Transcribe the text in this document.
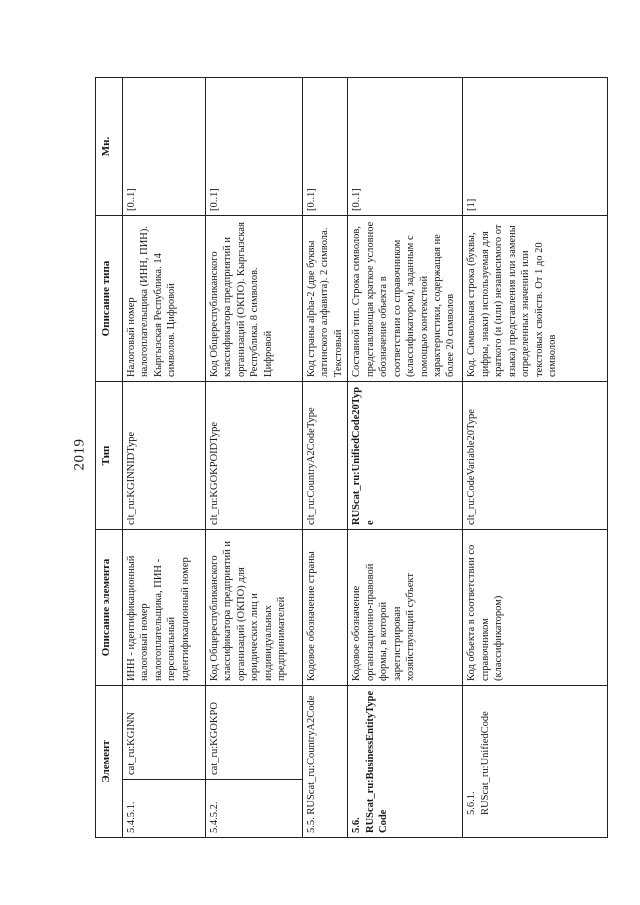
2019
Элемент		Описание элемента	Тип	Описание типа	Мн.
5.4.5.1.	cat_ru:KGINN	ИНН - идентификационный налоговый номер налогоплательщика, ПИН - персональный идентификационный номер	clt_ru:KGINNIDType	Налоговый номер налогоплательщика (ИНН, ПИН). Кыргызская Республика. 14 символов. Цифровой	[0..1]
5.4.5.2.	cat_ru:KGOKPO	Код Общереспубликанского классификатора предприятий и организаций (ОКПО) для юридических лиц и индивидуальных предпринимателей	clt_ru:KGOKPOIDType	Код Общереспубликанского классификатора предприятий и организаций (ОКПО). Кыргызская Республика. 8 символов. Цифровой	[0..1]
5.5. RUScat_ru:CountryA2Code		Кодовое обозначение страны	clt_ru:CountryA2CodeType	Код страны alpha-2 (две буквы латинского алфавита). 2 символа. Текстовый	[0..1]
5.6. RUScat_ru:BusinessEntityTypeCode		Кодовое обозначение организационно-правовой формы, в которой зарегистрирован хозяйствующий субъект	RUScat_ru:UnifiedCode20Type	Составной тип. Строка символов, представляющая краткое условное обозначение объекта в соответствии со справочником (классификатором), заданным с помощью контекстной характеристики, содержащая не более 20 символов	[0..1]
5.6.1. RUScat_ru:UnifiedCode		Код объекта в соответствии со справочником (классификатором)	clt_ru:CodeVariable20Type	Код. Символьная строка (буквы, цифры, знаки) используемая для краткого (и (или) независимого от языка) представления или замены определенных значений или текстовых свойств. От 1 до 20 символов	[1]
